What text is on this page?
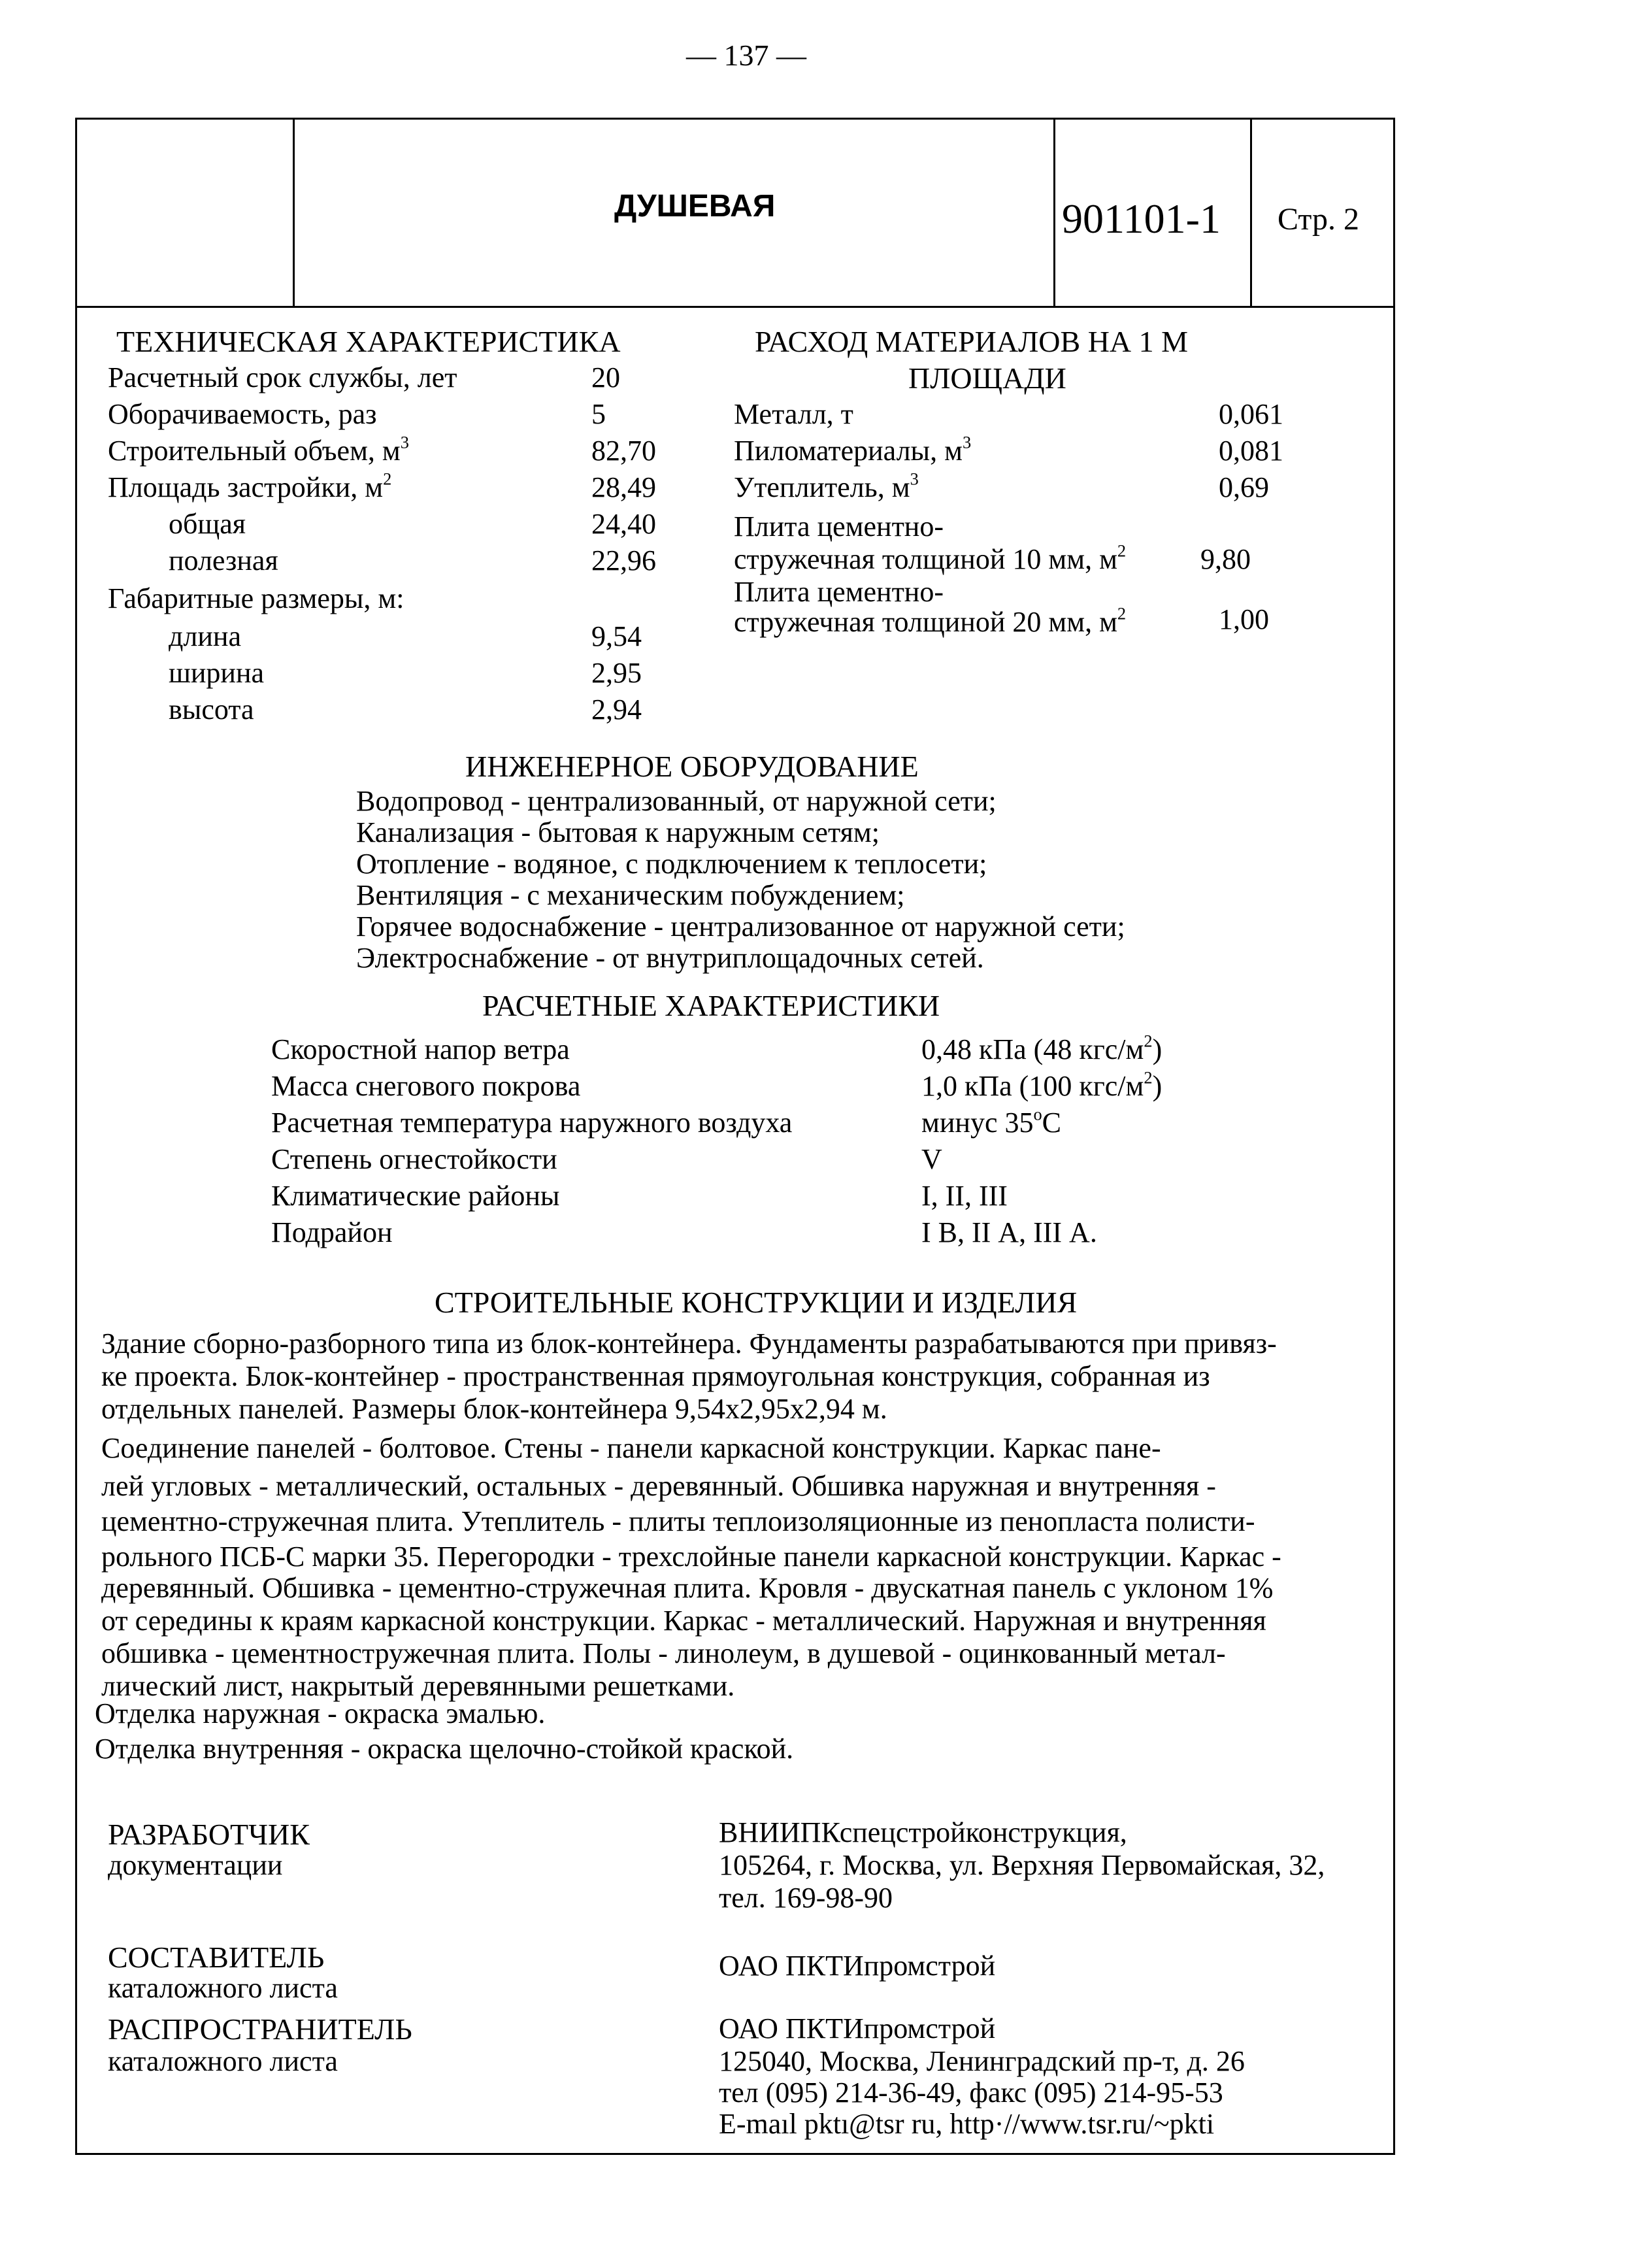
— 137 —
ДУШЕВАЯ	901101-1 Стр. 2
ТЕХНИЧЕСКАЯ ХАРАКТЕРИСТИКА
Расчетный срок службы, лет	20
Оборачиваемость, раз	5
Строительный объем, $м^3$	82,70
Площадь застройки, $м^2$	28,49
общая	24,40
полезная	22,96
Габаритные размеры, м:
длина	9,54
ширина	2,95
высота	2,94
РАСХОД МАТЕРИАЛОВ НА 1 М
ПЛОЩАДИ
Металл, т	0,061
Пиломатериалы, $м^3$	0,081
Утеплитель, $м^3$	0,69
Плита цементно-
стружечная толщиной 10 мм, $м^2$	9,80
Плита цементно-
стружечная толщиной 20 мм, $м^2$	1,00
ИНЖЕНЕРНОЕ ОБОРУДОВАНИЕ
Водопровод - централизованный, от наружной сети;
Канализация - бытовая к наружным сетям;
Отопление - водяное, с подключением к теплосети;
Вентиляция - с механическим побуждением;
Горячее водоснабжение - централизованное от наружной сети;
Электроснабжение - от внутриплощадочных сетей.
РАСЧЕТНЫЕ ХАРАКТЕРИСТИКИ
Скоростной напор ветра	0,48 кПа (48 кгс/$м^2$)
Масса снегового покрова	1,0 кПа (100 кгс/$м^2$)
Расчетная температура наружного воздуха	минус $35^оС$
Степень огнестойкости	V
Климатические районы	I, II, III
Подрайон	I В, II А, III А.
СТРОИТЕЛЬНЫЕ КОНСТРУКЦИИ И ИЗДЕЛИЯ
Здание сборно-разборного типа из блок-контейнера. Фундаменты разрабатываются при привяз-
ке проекта. Блок-контейнер - пространственная прямоугольная конструкция, собранная из
отдельных панелей. Размеры блок-контейнера 9,54x2,95x2,94 м.
Соединение панелей - болтовое. Стены - панели каркасной конструкции. Каркас пане-
лей угловых - металлический, остальных - деревянный. Обшивка наружная и внутренняя -
цементно-стружечная плита. Утеплитель - плиты теплоизоляционные из пенопласта полисти-
рольного ПСБ-С марки 35. Перегородки - трехслойные панели каркасной конструкции. Каркас -
деревянный. Обшивка - цементно-стружечная плита. Кровля - двускатная панель с уклоном 1%
от середины к краям каркасной конструкции. Каркас - металлический. Наружная и внутренняя
обшивка - цементностружечная плита. Полы - линолеум, в душевой - оцинкованный метал-
лический лист, накрытый деревянными решетками.
Отделка наружная - окраска эмалью.
Отделка внутренняя - окраска щелочно-стойкой краской.
РАЗРАБОТЧИК
документации
ВНИИПКспецстройконструкция,
105264, г. Москва, ул. Верхняя Первомайская, 32,
тел. 169-98-90
СОСТАВИТЕЛЬ
каталожного листа
ОАО ПКТИпромстрой
РАСПРОСТРАНИТЕЛЬ
каталожного листа
ОАО ПКТИпромстрой
125040, Москва, Ленинградский пр-т, д. 26
тел (095) 214-36-49, факс (095) 214-95-53
E-maıl pktı@tsr ru, http·//www.tsr.ru/~pkti
